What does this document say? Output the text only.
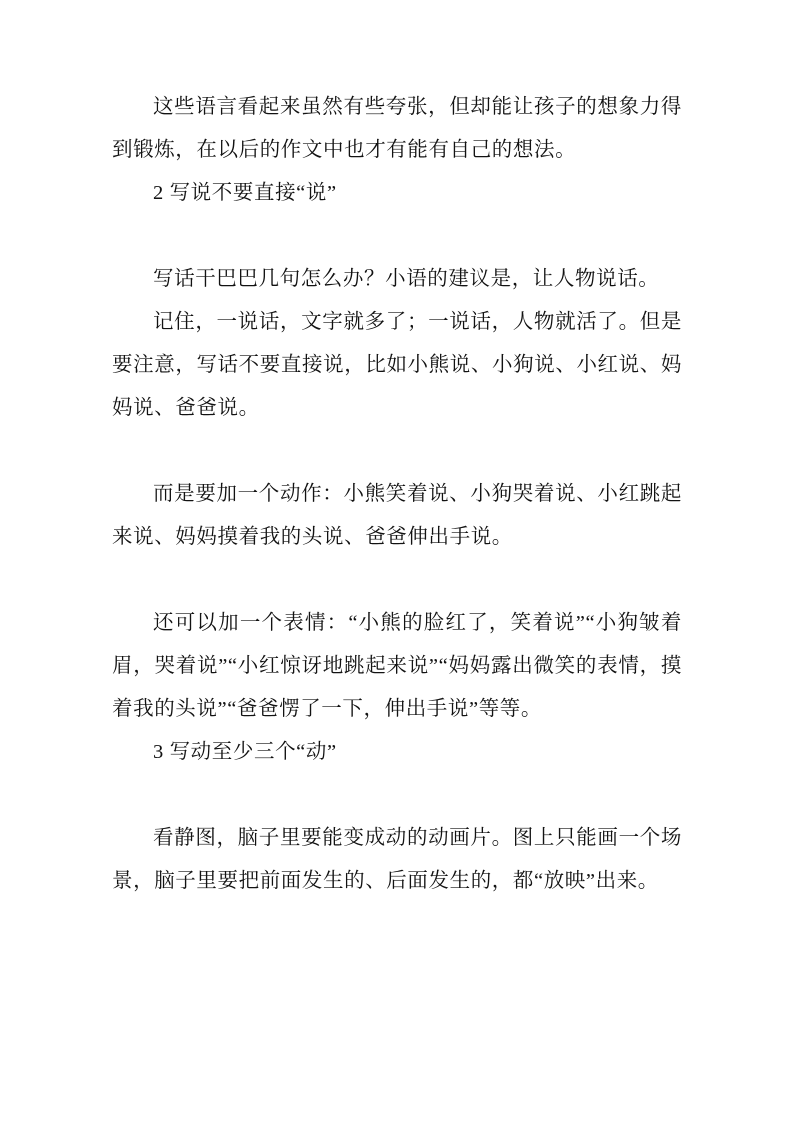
这些语言看起来虽然有些夸张，但却能让孩子的想象力得到锻炼，在以后的作文中也才有能有自己的想法。

2 写说不要直接“说”

写话干巴巴几句怎么办？小语的建议是，让人物说话。

记住，一说话，文字就多了；一说话，人物就活了。但是要注意，写话不要直接说，比如小熊说、小狗说、小红说、妈妈说、爸爸说。

而是要加一个动作：小熊笑着说、小狗哭着说、小红跳起来说、妈妈摸着我的头说、爸爸伸出手说。

还可以加一个表情：“小熊的脸红了，笑着说”“小狗皱着眉，哭着说”“小红惊讶地跳起来说”“妈妈露出微笑的表情，摸着我的头说”“爸爸愣了一下，伸出手说”等等。

3 写动至少三个“动”

看静图，脑子里要能变成动的动画片。图上只能画一个场景，脑子里要把前面发生的、后面发生的，都“放映”出来。
